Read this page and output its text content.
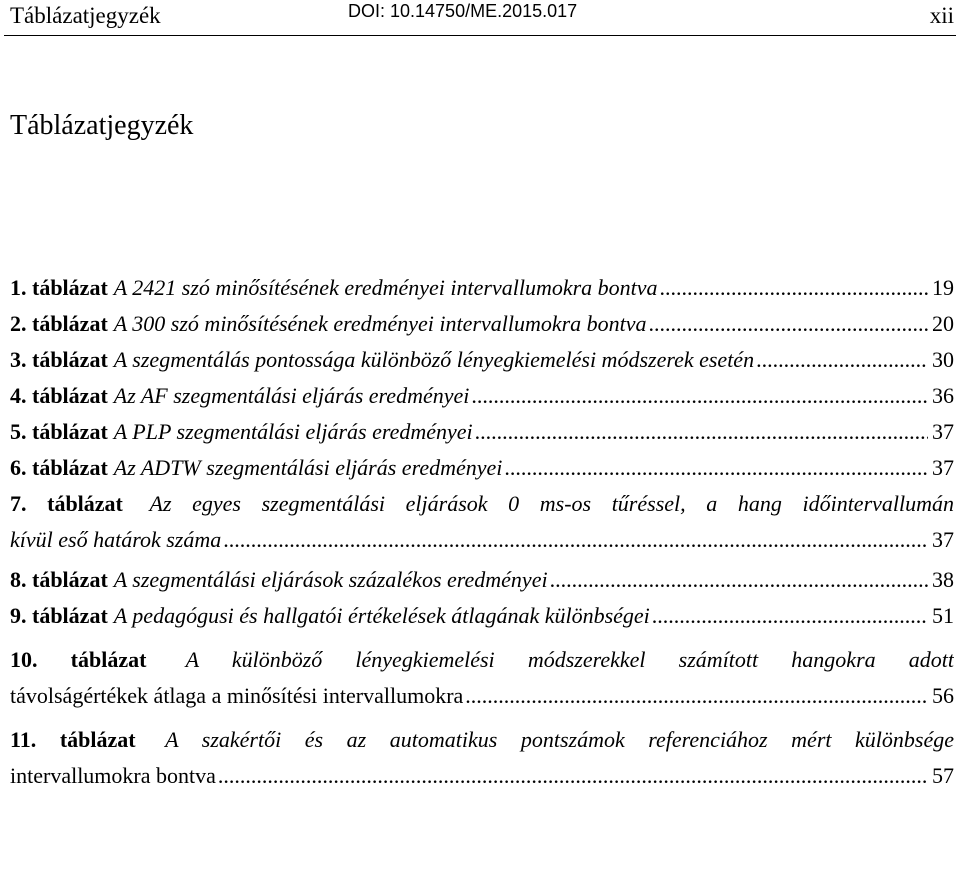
Táblázatjegyzék	DOI: 10.14750/ME.2015.017	xii
Táblázatjegyzék
1. táblázat A 2421 szó minősítésének eredményei intervallumokra bontva .....	19
2. táblázat A 300 szó minősítésének eredményei intervallumokra bontva .....	20
3. táblázat A szegmentálás pontossága különböző lényegkiemelési módszerek esetén .....	30
4. táblázat Az AF szegmentálási eljárás eredményei .....	36
5. táblázat A PLP szegmentálási eljárás eredményei .....	37
6. táblázat Az ADTW szegmentálási eljárás eredményei .....	37
7. táblázat Az egyes szegmentálási eljárások 0 ms-os tűréssel, a hang időintervallumán
kívül eső határok száma .....	37
8. táblázat A szegmentálási eljárások százalékos eredményei .....	38
9. táblázat A pedagógusi és hallgatói értékelések átlagának különbségei .....	51
10. táblázat A különböző lényegkiemelési módszerekkel számított hangokra adott
távolságértékek átlaga a minősítési intervallumokra .....	56
11. táblázat A szakértői és az automatikus pontszámok referenciához mért különbsége
intervallumokra bontva .....	57
